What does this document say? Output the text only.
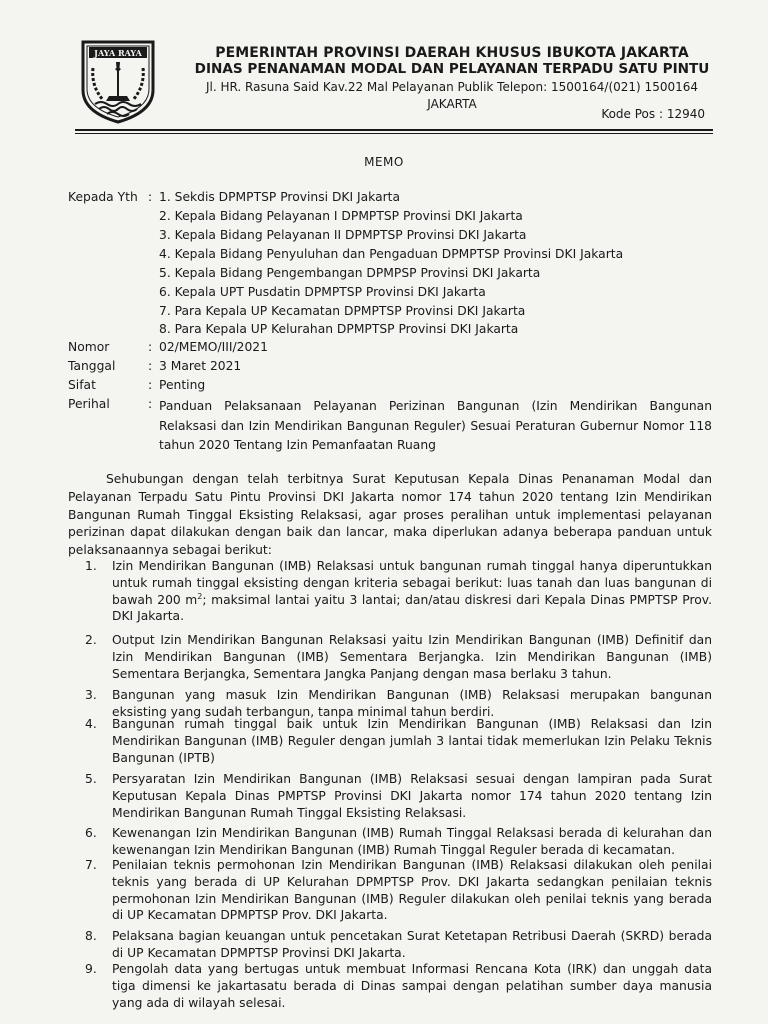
JAYA RAYA	PEMERINTAH PROVINSI DAERAH KHUSUS IBUKOTA JAKARTA
DINAS PENANAMAN MODAL DAN PELAYANAN TERPADU SATU PINTU
Jl. HR. Rasuna Said Kav.22 Mal Pelayanan Publik Telepon: 1500164/(021) 1500164
JAKARTA
Kode Pos : 12940
MEMO
Kepada Yth : 1. Sekdis DPMPTSP Provinsi DKI Jakarta
2. Kepala Bidang Pelayanan I DPMPTSP Provinsi DKI Jakarta
3. Kepala Bidang Pelayanan II DPMPTSP Provinsi DKI Jakarta
4. Kepala Bidang Penyuluhan dan Pengaduan DPMPTSP Provinsi DKI Jakarta
5. Kepala Bidang Pengembangan DPMPSP Provinsi DKI Jakarta
6. Kepala UPT Pusdatin DPMPTSP Provinsi DKI Jakarta
7. Para Kepala UP Kecamatan DPMPTSP Provinsi DKI Jakarta
8. Para Kepala UP Kelurahan DPMPTSP Provinsi DKI Jakarta
Nomor	: 02/MEMO/III/2021
Tanggal	: 3 Maret 2021
Sifat	: Penting
Perihal	: Panduan Pelaksanaan Pelayanan Perizinan Bangunan (Izin Mendirikan Bangunan Relaksasi dan Izin Mendirikan Bangunan Reguler) Sesuai Peraturan Gubernur Nomor 118 tahun 2020 Tentang Izin Pemanfaatan Ruang
Sehubungan dengan telah terbitnya Surat Keputusan Kepala Dinas Penanaman Modal dan Pelayanan Terpadu Satu Pintu Provinsi DKI Jakarta nomor 174 tahun 2020 tentang Izin Mendirikan Bangunan Rumah Tinggal Eksisting Relaksasi, agar proses peralihan untuk implementasi pelayanan perizinan dapat dilakukan dengan baik dan lancar, maka diperlukan adanya beberapa panduan untuk pelaksanaannya sebagai berikut:
1. Izin Mendirikan Bangunan (IMB) Relaksasi untuk bangunan rumah tinggal hanya diperuntukkan untuk rumah tinggal eksisting dengan kriteria sebagai berikut: luas tanah dan luas bangunan di bawah 200 $m^2$; maksimal lantai yaitu 3 lantai; dan/atau diskresi dari Kepala Dinas PMPTSP Prov. DKI Jakarta.
2. Output Izin Mendirikan Bangunan Relaksasi yaitu Izin Mendirikan Bangunan (IMB) Definitif dan Izin Mendirikan Bangunan (IMB) Sementara Berjangka. Izin Mendirikan Bangunan (IMB) Sementara Berjangka, Sementara Jangka Panjang dengan masa berlaku 3 tahun.
3. Bangunan yang masuk Izin Mendirikan Bangunan (IMB) Relaksasi merupakan bangunan eksisting yang sudah terbangun, tanpa minimal tahun berdiri.
4. Bangunan rumah tinggal baik untuk Izin Mendirikan Bangunan (IMB) Relaksasi dan Izin Mendirikan Bangunan (IMB) Reguler dengan jumlah 3 lantai tidak memerlukan Izin Pelaku Teknis Bangunan (IPTB)
5. Persyaratan Izin Mendirikan Bangunan (IMB) Relaksasi sesuai dengan lampiran pada Surat Keputusan Kepala Dinas PMPTSP Provinsi DKI Jakarta nomor 174 tahun 2020 tentang Izin Mendirikan Bangunan Rumah Tinggal Eksisting Relaksasi.
6. Kewenangan Izin Mendirikan Bangunan (IMB) Rumah Tinggal Relaksasi berada di kelurahan dan kewenangan Izin Mendirikan Bangunan (IMB) Rumah Tinggal Reguler berada di kecamatan.
7. Penilaian teknis permohonan Izin Mendirikan Bangunan (IMB) Relaksasi dilakukan oleh penilai teknis yang berada di UP Kelurahan DPMPTSP Prov. DKI Jakarta sedangkan penilaian teknis permohonan Izin Mendirikan Bangunan (IMB) Reguler dilakukan oleh penilai teknis yang berada di UP Kecamatan DPMPTSP Prov. DKI Jakarta.
8. Pelaksana bagian keuangan untuk pencetakan Surat Ketetapan Retribusi Daerah (SKRD) berada di UP Kecamatan DPMPTSP Provinsi DKI Jakarta.
9. Pengolah data yang bertugas untuk membuat Informasi Rencana Kota (IRK) dan unggah data tiga dimensi ke jakartasatu berada di Dinas sampai dengan pelatihan sumber daya manusia yang ada di wilayah selesai.
